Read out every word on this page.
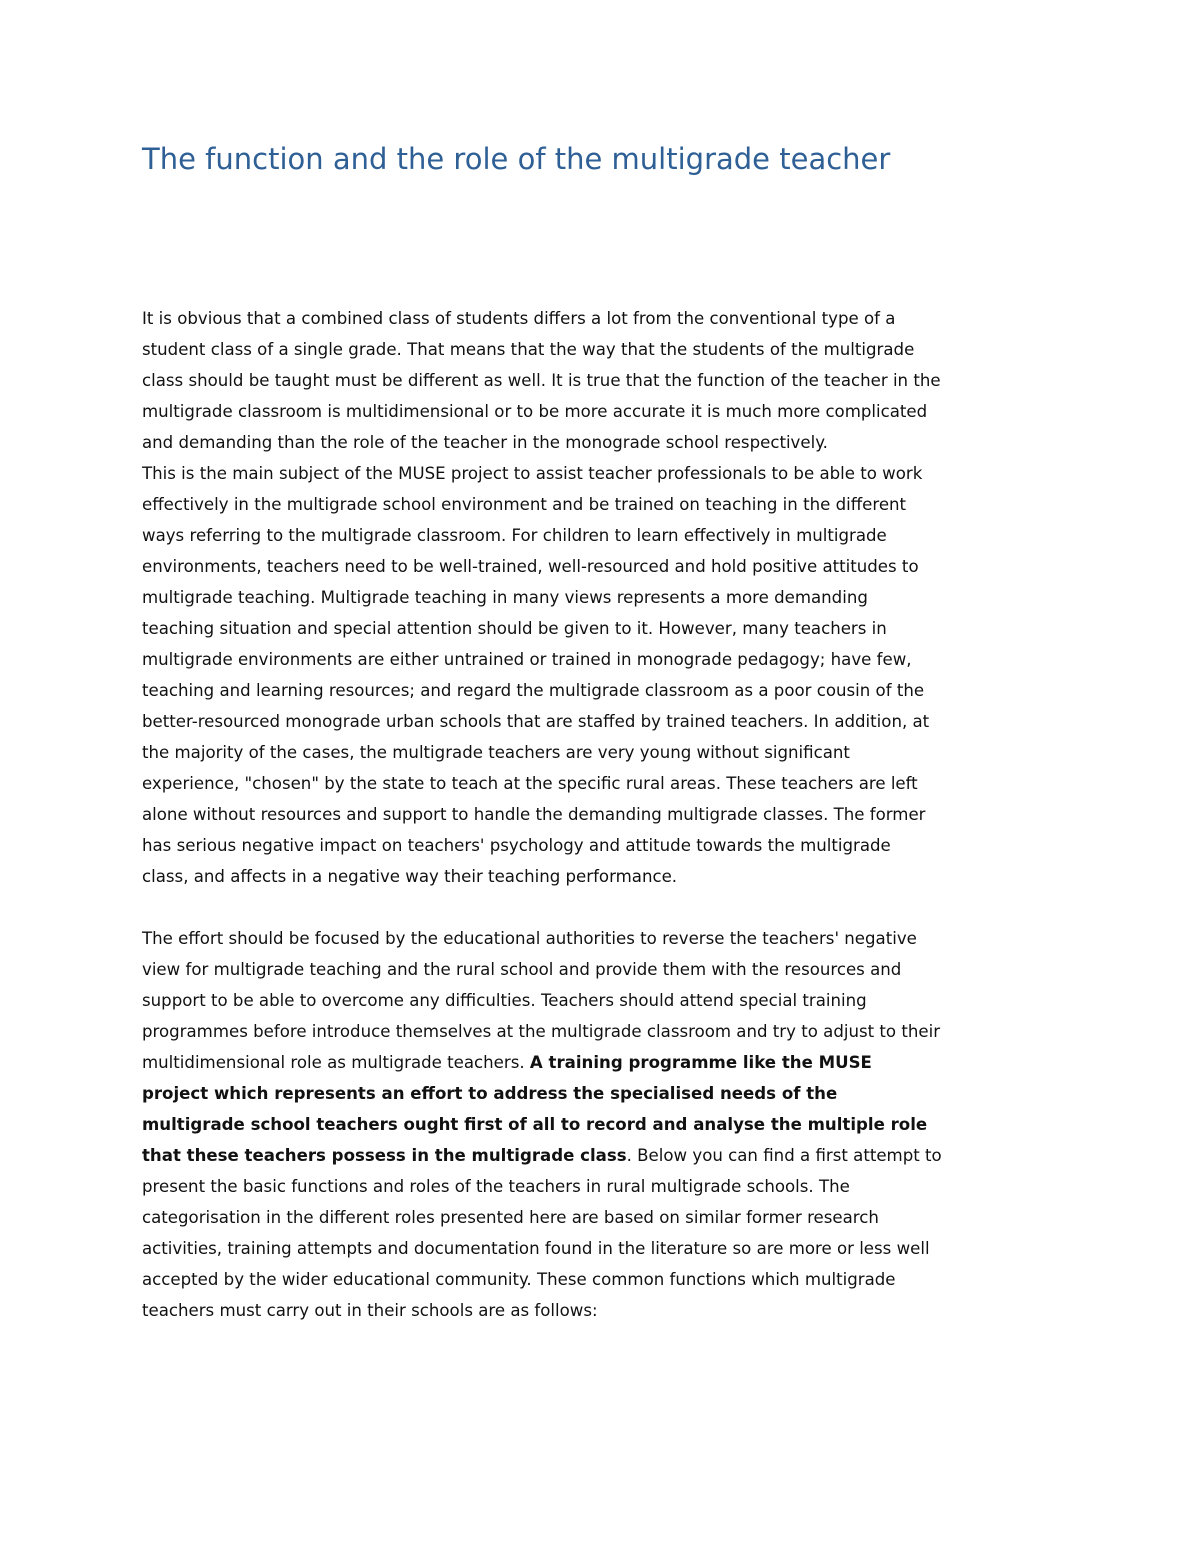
The function and the role of the multigrade teacher

It is obvious that a combined class of students differs a lot from the conventional type of a student class of a single grade. That means that the way that the students of the multigrade class should be taught must be different as well. It is true that the function of the teacher in the multigrade classroom is multidimensional or to be more accurate it is much more complicated and demanding than the role of the teacher in the monograde school respectively.

This is the main subject of the MUSE project to assist teacher professionals to be able to work effectively in the multigrade school environment and be trained on teaching in the different ways referring to the multigrade classroom. For children to learn effectively in multigrade environments, teachers need to be well-trained, well-resourced and hold positive attitudes to multigrade teaching. Multigrade teaching in many views represents a more demanding teaching situation and special attention should be given to it. However, many teachers in multigrade environments are either untrained or trained in monograde pedagogy; have few, teaching and learning resources; and regard the multigrade classroom as a poor cousin of the better-resourced monograde urban schools that are staffed by trained teachers. In addition, at the majority of the cases, the multigrade teachers are very young without significant experience, "chosen" by the state to teach at the specific rural areas. These teachers are left alone without resources and support to handle the demanding multigrade classes. The former has serious negative impact on teachers' psychology and attitude towards the multigrade class, and affects in a negative way their teaching performance.

The effort should be focused by the educational authorities to reverse the teachers' negative view for multigrade teaching and the rural school and provide them with the resources and support to be able to overcome any difficulties. Teachers should attend special training programmes before introduce themselves at the multigrade classroom and try to adjust to their multidimensional role as multigrade teachers. A training programme like the MUSE project which represents an effort to address the specialised needs of the multigrade school teachers ought first of all to record and analyse the multiple role that these teachers possess in the multigrade class. Below you can find a first attempt to present the basic functions and roles of the teachers in rural multigrade schools. The categorisation in the different roles presented here are based on similar former research activities, training attempts and documentation found in the literature so are more or less well accepted by the wider educational community. These common functions which multigrade teachers must carry out in their schools are as follows:
